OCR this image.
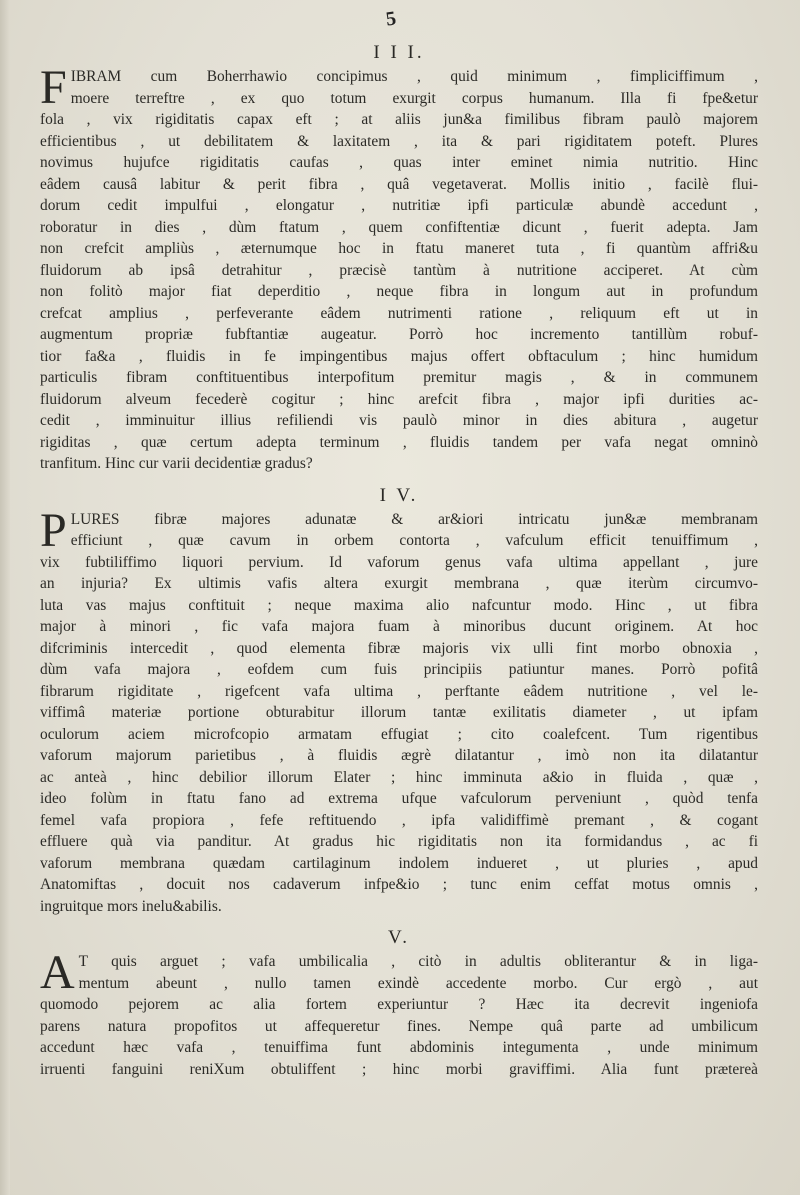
5
I I I.

F IBRAM cum Boherrhawio concipimus , quid minimum , fimpliciffimum ,
moere terreftre , ex quo totum exurgit corpus humanum. Illa fi fpe&etur
fola , vix rigiditatis capax eft ; at aliis jun&a fimilibus fibram paulò majorem
efficientibus , ut debilitatem & laxitatem , ita & pari rigiditatem poteft. Plures
novimus hujufce rigiditatis caufas , quas inter eminet nimia nutritio. Hinc
eâdem causâ labitur & perit fibra , quâ vegetaverat. Mollis initio , facilè flui-
dorum cedit impulfui , elongatur , nutritiæ ipfi particulæ abundè accedunt ,
roboratur in dies , dùm ftatum , quem confiftentiæ dicunt , fuerit adepta. Jam
non crefcit ampliùs , æternumque hoc in ftatu maneret tuta , fi quantùm affri&u
fluidorum ab ipsâ detrahitur , præcisè tantùm à nutritione acciperet. At cùm
non folitò major fiat deperditio , neque fibra in longum aut in profundum
crefcat amplius , perfeverante eâdem nutrimenti ratione , reliquum eft ut in
augmentum propriæ fubftantiæ augeatur. Porrò hoc incremento tantillùm robuf-
tior fa&a , fluidis in fe impingentibus majus offert obftaculum ; hinc humidum
particulis fibram conftituentibus interpofitum premitur magis , & in communem
fluidorum alveum fecederè cogitur ; hinc arefcit fibra , major ipfi durities ac-
cedit , imminuitur illius refiliendi vis paulò minor in dies abitura , augetur
rigiditas , quæ certum adepta terminum , fluidis tandem per vafa negat omninò
tranfitum. Hinc cur varii decidentiæ gradus?

I V.

P LURES fibræ majores adunatæ & ar&iori intricatu jun&æ membranam
efficiunt , quæ cavum in orbem contorta , vafculum efficit tenuiffimum ,
vix fubtiliffimo liquori pervium. Id vaforum genus vafa ultima appellant , jure
an injuria? Ex ultimis vafis altera exurgit membrana , quæ iterùm circumvo-
luta vas majus conftituit ; neque maxima alio nafcuntur modo. Hinc , ut fibra
major à minori , fic vafa majora fuam à minoribus ducunt originem. At hoc
difcriminis intercedit , quod elementa fibræ majoris vix ulli fint morbo obnoxia ,
dùm vafa majora , eofdem cum fuis principiis patiuntur manes. Porrò pofitâ
fibrarum rigiditate , rigefcent vafa ultima , perftante eâdem nutritione , vel le-
viffimâ materiæ portione obturabitur illorum tantæ exilitatis diameter , ut ipfam
oculorum aciem microfcopio armatam effugiat ; cito coalefcent. Tum rigentibus
vaforum majorum parietibus , à fluidis ægrè dilatantur , imò non ita dilatantur
ac anteà , hinc debilior illorum Elater ; hinc imminuta a&io in fluida , quæ ,
ideo folùm in ftatu fano ad extrema ufque vafculorum perveniunt , quòd tenfa
femel vafa propiora , fefe reftituendo , ipfa validiffimè premant , & cogant
effluere quà via panditur. At gradus hic rigiditatis non ita formidandus , ac fi
vaforum membrana quædam cartilaginum indolem indueret , ut pluries , apud
Anatomiftas , docuit nos cadaverum infpe&io ; tunc enim ceffat motus omnis ,
ingruitque mors inelu&abilis.

V.

A T quis arguet ; vafa umbilicalia , citò in adultis obliterantur & in liga-
mentum abeunt , nullo tamen exindè accedente morbo. Cur ergò , aut
quomodo pejorem ac alia fortem experiuntur ? Hæc ita decrevit ingeniofa
parens natura propofitos ut affequeretur fines. Nempe quâ parte ad umbilicum
accedunt hæc vafa , tenuiffima funt abdominis integumenta , unde minimum
irruenti fanguini reniXum obtuliffent ; hinc morbi graviffimi. Alia funt prætereà
